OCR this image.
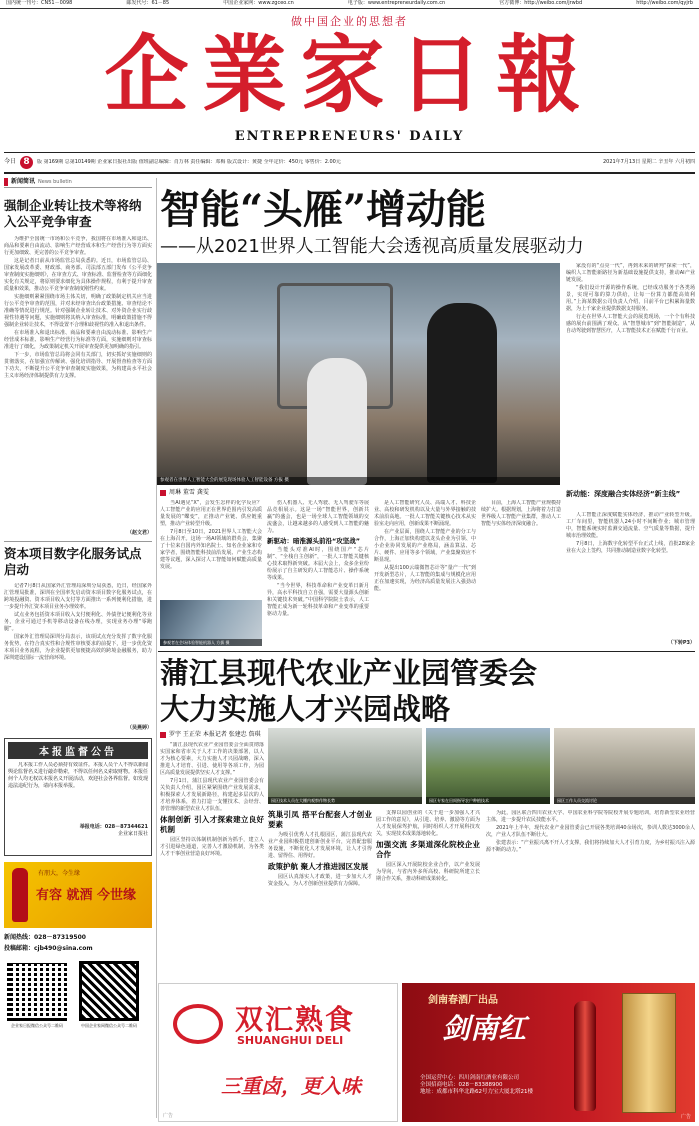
国内统一刊号：CN51－0098	邮发代号：61－85	中国企业家网：www.zgceo.cn	电子版：www.entrepreneurdaily.com.cn	官方微博：http://weibo.com/jrwbd	http://weibo.com/qyjrb
做中国企业的思想者
企業家日報
ENTREPRENEURS' DAILY
今日 8	版 第169期 总第10149期 企业家日报社出版 值班副总编辑：肖万林 责任编辑：邓梅 版式设计：黄捷 全年定价：450元 零售价：2.00元	2021年7月13日 星期二 辛丑年 六月初四
新闻简讯 News bulletin
强制企业转让技术等将纳入公平竞争审查

为维护全国统一市场和公平竞争，我国将在市场准入和退出、商品和要素自由流动、影响生产经营成本和生产经营行为等方面实行更加细致、更完善的公平竞争审查。

这是记者日前从市场监管总局获悉的。近日，市场监管总局、国家发展改革委、财政部、商务部、司法部五部门发布《公平竞争审查制度实施细则》，在审查方式、审查标准、监督检查等方面细化实化有关规定，将原则要求细化为具体操作规程，有利于提升审查质量和效果，推动公平竞争审查制度刚性约束。

实施细则紧紧围绕市场主体关切，明确了政策制定机关应当进行公平竞争审查的范围，并对未经审查出台政策措施、审查结论不准确等情况进行规范。针对强制企业转让技术、对外资企业实行歧视性待遇等问题，实施细则将其纳入审查标准，明确政策措施不得强制企业转让技术，不得设置不合理和歧视性的准入和退出条件。

在市场准入和退出标准、商品和要素自由流动标准、影响生产经营成本标准、影响生产经营行为标准等方面，实施细则对审查标准进行了细化，为政策制定机关开展审查提供更加明确的指引。

下一步，市场监管总局将会同有关部门，切实抓好实施细则的贯彻落实，在加强宣传解读、强化培训指导、开展督查检查等方面下功夫，不断提升公平竞争审查制度实施效果，为构建高水平社会主义市场经济体制提供有力支撑。

（赵文君）
资本项目数字化服务试点启动

记者7月8日从国家外汇管理局深圳分局获悉，近日，经国家外汇管理局批准，深圳在全国率先启动资本项目数字化服务试点，在跨境投融资、资本项目收入支付等方面推出一系列便利化措施，进一步提升外汇资本项目业务办理效率。

试点业务包括资本项目收入支付便利化、外债登记便利化等业务，企业可通过手机等移动设备在线办理，实现业务办理“零跑腿”。

国家外汇管理局深圳分局表示，该项试点充分发挥了数字化服务优势，在符合真实性和合规性审核要求的前提下，进一步优化资本项目业务流程，为企业提供更加便捷高效的跨境金融服务，助力深圳建设国际一流营商环境。

（吴燕婷）
本报监督公告
凡本报工作人员必须持有效证件。本报人员个人不得以新闻舆论监督名义进行敲诈勒索，不得以任何名义索取财物。本报任何个人均无权以本报名义开展活动，欢迎社会各界监督。如发现违法违纪行为，请向本报举报。
举报电话：028－87344621
企业家日报社
有朋大，今生缘
有容 就酒 今世缘
新闻热线：028－87319500
投稿邮箱：cjb490@sina.com
企业家日报微信公众号二维码	中国企业家网微信公众号二维码
智能“头雁”增动能
——从2021世界人工智能大会透视高质量发展驱动力
参观者在世界人工智能大会的展览现场体验人工智能设备 方拔 摄
周琳 董雪 龚雯

当AI遇见“X”，会发生怎样的化学反应？人工智能产业的应用正在世界范围内引发高质量发展的“蝶变”，正推动产业链、供应链重塑，推动产业转型升级。

7月8日至10日，2021世界人工智能大会在上海召开。这场一场AI领域的群英会，集聚了十位来自国内外知名院士、知名企业家和专家学者，围绕智能科技前沿发展、产业生态构建等议题，深入探讨人工智能如何赋能高质量发展。

参观者在会场体验智能机器人 方拔 摄

伤人机器人、无人驾驶、无人驾驶车等展品竞相展示。这是一场“智能世界，创新共赢”的盛会，也是一场全球人工智能领域的交流盛会，让越来越多的人感受到人工智能的魅力。

新驱动：暗淮源头前沿“攻坚战”

当能头对准AI时，围绕国产“芯片制”、“全栈自主创新”，一批人工智能关键核心技术取得新突破。本届大会上，众多企业纷纷展示了自主研发的人工智能芯片、操作系统等成果。

“当今世界，科技革命和产业变革日新月异，高水平科技自立自强，需要大量源头创新和关键技术突破。”中国科学院院士表示，人工智能正成为新一轮科技革命和产业变革的重要驱动力量。

是人工智能研究人员、高端人才、科技企业、高校和研发机构以及大量与外界接触的技术前沿高地。一批人工智能关键核心技术从实验室走向应用，创新成果不断涌现。

在产业层面，围绕人工智能产业的分工与合作，上海正加快构建以龙头企业为引领、中小企业协同发展的产业格局，涵盖算法、芯片、硬件、应用等多个领域，产业集聚效应不断显现。

从提出100云端微智芯计等“量产一代”到开发新型芯片，人工智能的集成与规模化应用正在加速实现，为经济高质量发展注入强劲动能。

目前，上海人工智能产业规模持续扩大。根据规划，上海将着力打造世界级人工智能产业集群，推动人工智能与实体经济深度融合。

家没有的“点亮一代”，再到未来的研判“探索一代”，编织人工智能新路径为新基础设施提供支持，推动AI产业链发展。

“我们设计开源的操作系统，已经成功服务于各类场景，实现可靠的算力供给，让每一份算力都能高效利用。”上海某数据公司负责人介绍，目前平台已积累海量数据，为上千家企业提供数据支持服务。

行走在世界人工智能大会的展览现场，一个个有科技感的展台前围满了观众。从“智慧城市”到“智能制造”，从自动驾驶到智慧医疗，人工智能技术正在赋能千行百业。

新动能：深度融合实体经济“新主线”

人工智能正深度赋能实体经济，推动产业转型升级。工厂车间里，智能机器人24小时不间断作业；城市管理中，智能系统实时监测交通流量、空气质量等数据，提升城市治理效能。

7月8日，上海数字化转型平台正式上线，首批28家企业在大会上签约，共同推动制造业数字化转型。

（下转P3）
蒲江县现代农业产业园管委会
大力实施人才兴园战略
罗宇 王正荣 本报记者 张建忠 詹琪
园区技术人员在大棚内观察作物长势	园区专家在田间指导农户种植技术	园区工作人员交流讨论

“蒲江县现代农业产业园管委会全面贯彻落实国家和省市关于人才工作的决策部署，以人才为核心要素，大力实施人才兴园战略，深入推进人才培育、引进、使用等各项工作，为园区高质量发展提供坚实人才支撑。”

7月1日，蒲江县现代农业产业园管委会有关负责人介绍，园区紧紧围绕产业发展需求，积极探索人才发展新路径，构建起多层次的人才培养体系，着力打造一支懂技术、会经营、善管理的新型农业人才队伍。

体制创新 引入才探索建立良好机制

园区坚持以体制机制创新为抓手，建立人才引进绿色通道，完善人才激励机制，为各类人才干事创业营造良好环境。

筑巢引凤 搭平台配套人才创业要素

为吸引优秀人才扎根园区，蒲江县现代农业产业园积极搭建创新创业平台，完善配套服务设施，不断优化人才发展环境，让人才引得进、留得住、用得好。

政策护航 聚人才推进园区发展

园区认真落实人才政策，进一步加大人才资金投入，为人才创新创业提供有力保障。

支撑以园创业的《关于进一步加强人才兴园工作的意见》，从引进、培养、激励等方面为人才发展保驾护航，同时组织人才开展科技攻关，实现技术成果落地转化。

加强交流 多渠道深化院校企业合作

园区深入开展院校企业合作，以产业发展为导向，与省内外多所高校、科研院所建立长期合作关系，推动科研成果转化。

为此，园区联合四川农业大学、中国农业科学院等院校开展专题培训，培育新型农业经营主体，进一步提升农民技能水平。

2021年上半年，现代农业产业园管委会已开展各类培训40余场次，参训人数达3000余人次，产业人才队伍不断壮大。

张建表示：“产业振兴离不开人才支撑，我们将持续加大人才引育力度，为乡村振兴注入源源不断的动力。”

双汇熟食
SHUANGHUI DELI
三重卤，更入味
广告
剑南春酒厂出品
剑南红
全国运营中心：四川剑南红酒业有限公司
全国招商电话：028－83388900
地址：成都市科华北路62号力宝大厦北塔21楼
广告
